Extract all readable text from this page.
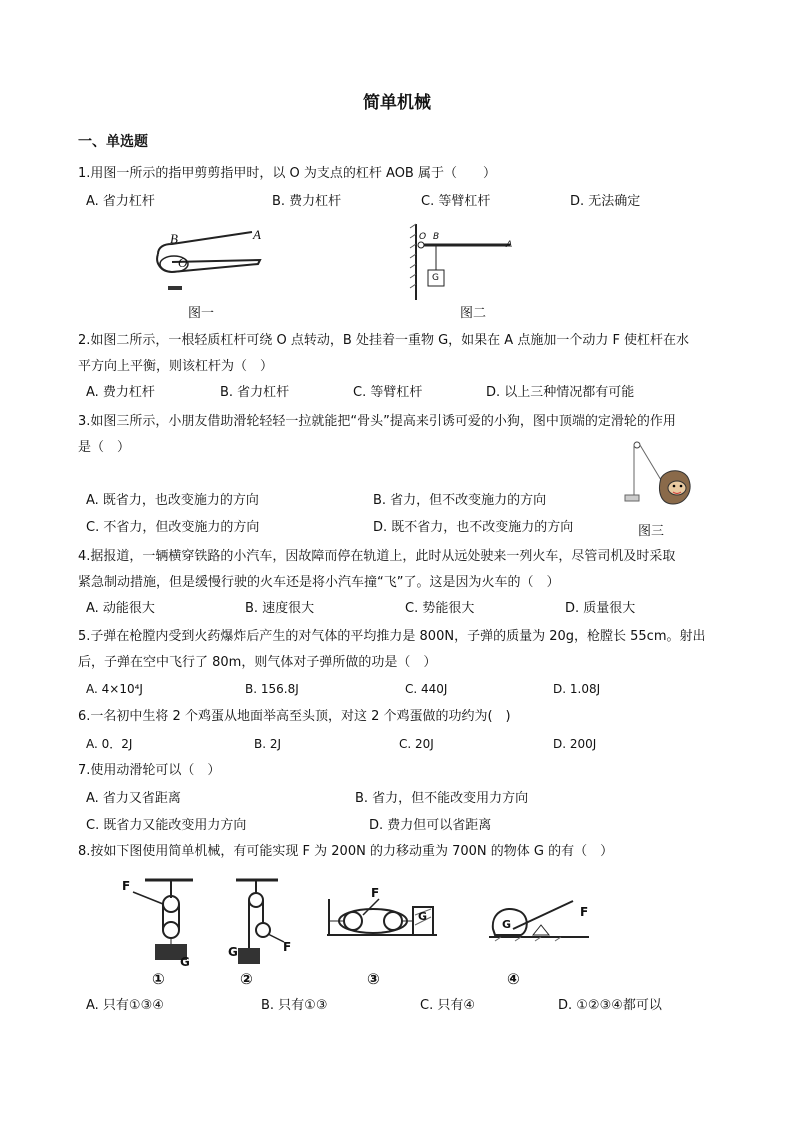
简单机械
一、单选题
1.用图一所示的指甲剪剪指甲时，以 O 为支点的杠杆 AOB 属于（　　）
A. 省力杠杆	B. 费力杠杆	C. 等臂杠杆	D. 无法确定
B	A
O
图一
O B
A
G
图二
2.如图二所示，一根轻质杠杆可绕 O 点转动，B 处挂着一重物 G，如果在 A 点施加一个动力 F 使杠杆在水
平方向上平衡，则该杠杆为（　）
A. 费力杠杆	B. 省力杠杆	C. 等臂杠杆	D. 以上三种情况都有可能
3.如图三所示，小朋友借助滑轮轻轻一拉就能把“骨头”提高来引诱可爱的小狗，图中顶端的定滑轮的作用
是（　）
A. 既省力，也改变施力的方向	B. 省力，但不改变施力的方向
C. 不省力，但改变施力的方向	D. 既不省力，也不改变施力的方向	图三
4.据报道，一辆横穿铁路的小汽车，因故障而停在轨道上，此时从远处驶来一列火车，尽管司机及时采取
紧急制动措施，但是缓慢行驶的火车还是将小汽车撞“飞”了。这是因为火车的（　）
A. 动能很大	B. 速度很大	C. 势能很大	D. 质量很大
5.子弹在枪膛内受到火药爆炸后产生的对气体的平均推力是 800N，子弹的质量为 20g，枪膛长 55cm。射出
后，子弹在空中飞行了 80m，则气体对子弹所做的功是（　）
A. 4×10⁴J	B. 156.8J	C. 440J	D. 1.08J
6.一名初中生将 2 个鸡蛋从地面举高至头顶，对这 2 个鸡蛋做的功约为(　)
A. 0．2J	B. 2J	C. 20J	D. 200J
7.使用动滑轮可以（　）
A. 省力又省距离	B. 省力，但不能改变用力方向
C. 既省力又能改变用力方向	D. 费力但可以省距离
8.按如下图使用简单机械，有可能实现 F 为 200N 的力移动重为 700N 的物体 G 的有（　）
F
G
①
G	F
②
F
G
③
G
F
④
A. 只有①③④	B. 只有①③	C. 只有④	D. ①②③④都可以
